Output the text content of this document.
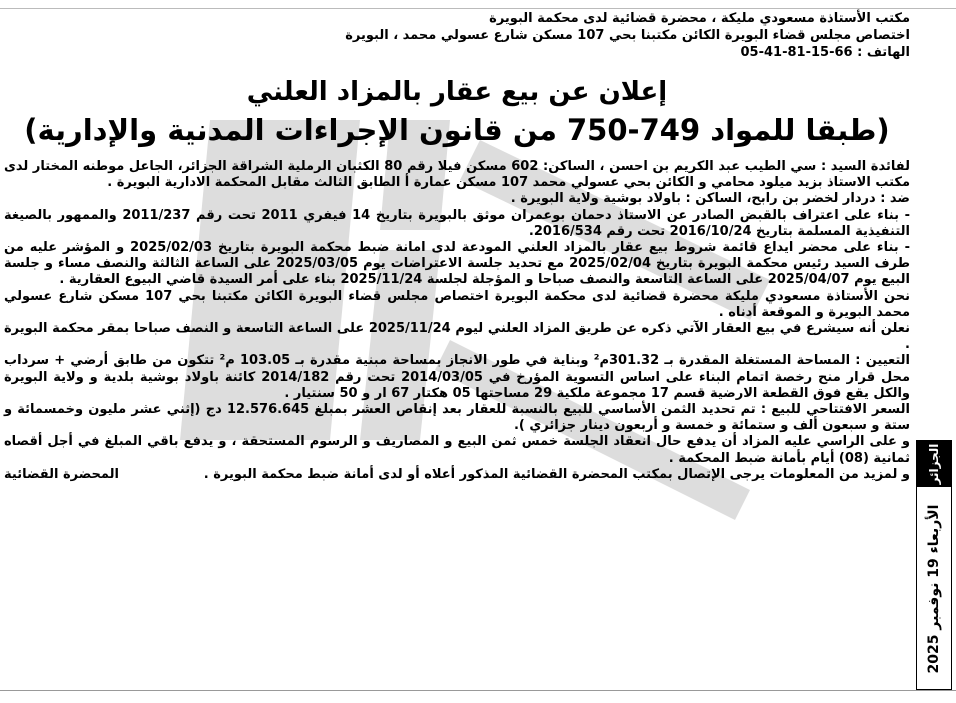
مكتب الأستاذة مسعودي مليكة ، محضرة قضائية لدى محكمة البويرة

اختصاص مجلس قضاء البويرة الكائن مكتبنا بحي 107 مسكن شارع عسولي محمد ، البويرة

الهاتف : 66-15-81-41-05

إعلان عن بيع عقار بالمزاد العلني
(طبقا للمواد 749-750 من قانون الإجراءات المدنية والإدارية)

لفائدة السيد : سي الطيب عبد الكريم بن احسن ، الساكن: 602 مسكن فيلا رقم 80 الكثبان الرملية الشراقة الجزائر، الجاعل موطنه المختار لدى مكتب الاستاذ بزيد ميلود محامي و الكائن بحي عسولي محمد 107 مسكن عمارة أ الطابق الثالث مقابل المحكمة الادارية البويرة .

ضد : دردار لخضر بن رابح، الساكن : باولاد بوشية ولاية البويرة .

- بناء على اعتراف بالقبض الصادر عن الاستاذ دحمان بوعمران موثق بالبويرة بتاريخ 14 فيفري 2011 تحت رقم 2011/237 والممهور بالصيغة التنفيذية المسلمة بتاريخ 2016/10/24 تحت رقم 2016/534.

- بناء على محضر ايداع قائمة شروط بيع عقار بالمزاد العلني المودعة لدى امانة ضبط محكمة البويرة بتاريخ 2025/02/03 و المؤشر عليه من طرف السيد رئيس محكمة البويرة بتاريخ 2025/02/04 مع تحديد جلسة الاعتراضات يوم 2025/03/05 على الساعة الثالثة والنصف مساء و جلسة البيع يوم 2025/04/07 على الساعة التاسعة والنصف صباحا و المؤجلة لجلسة 2025/11/24 بناء على أمر السيدة قاضي البيوع العقارية .

نحن الأستاذة مسعودي مليكة محضرة قضائية لدى محكمة البويرة اختصاص مجلس قضاء البويرة الكائن مكتبنا بحي 107 مسكن شارع عسولي محمد البويرة و الموقعة أدناه .

نعلن أنه سيشرع في بيع العقار الآتي ذكره عن طريق المزاد العلني ليوم 2025/11/24 على الساعة التاسعة و النصف صباحا بمقر محكمة البويرة .

التعيين : المساحة المستغلة المقدرة بـ 301.32م² وبناية في طور الانجاز بمساحة مبنية مقدرة بـ 103.05 م² تتكون من طابق أرضي + سرداب محل قرار منح رخصة اتمام البناء على اساس التسوية المؤرخ في 2014/03/05 تحت رقم 2014/182 كائنة باولاد بوشية بلدية و ولاية البويرة والكل يقع فوق القطعة الارضية قسم 17 مجموعة ملكية 29 مساحتها 05 هكتار 67 ار و 50 سنتيار .

السعر الافتتاحي للبيع : تم تحديد الثمن الأساسي للبيع بالنسبة للعقار بعد إنقاص العشر بمبلغ 12.576.645 دج (إثني عشر مليون وخمسمائة و ستة و سبعون ألف و ستمائة و خمسة و أربعون دينار جزائري ).

و على الراسي عليه المزاد أن يدفع حال انعقاد الجلسة خمس ثمن البيع و المصاريف و الرسوم المستحقة ، و يدفع باقي المبلغ في أجل أقصاه ثمانية (08) أيام بأمانة ضبط المحكمة .

و لمزيد من المعلومات يرجى الإتصال بمكتب المحضرة القضائية المذكور أعلاه أو لدى أمانة ضبط محكمة البويرة .
المحضرة القضائية	الجزائر
الأربعاء 19 نوفمبر 2025
